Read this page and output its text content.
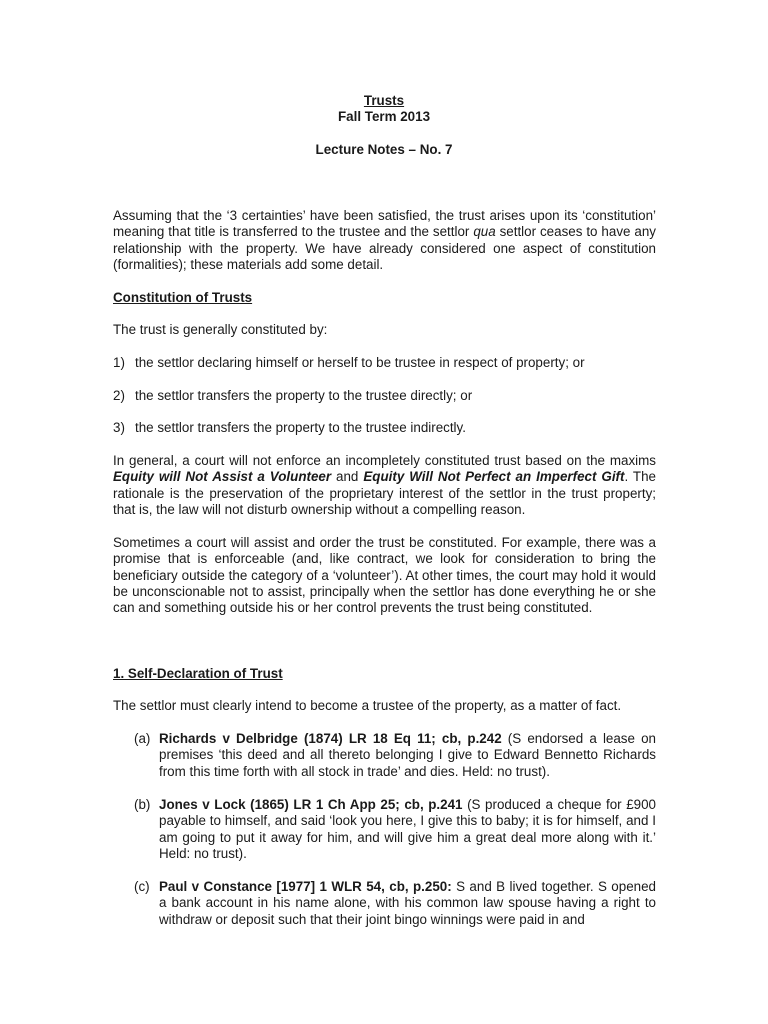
Trusts

Fall Term 2013

Lecture Notes – No. 7

Assuming that the ‘3 certainties’ have been satisfied, the trust arises upon its ‘constitution’ meaning that title is transferred to the trustee and the settlor qua settlor ceases to have any relationship with the property. We have already considered one aspect of constitution (formalities); these materials add some detail.

Constitution of Trusts

The trust is generally constituted by:

1) the settlor declaring himself or herself to be trustee in respect of property; or
2) the settlor transfers the property to the trustee directly; or
3) the settlor transfers the property to the trustee indirectly.

In general, a court will not enforce an incompletely constituted trust based on the maxims Equity will Not Assist a Volunteer and Equity Will Not Perfect an Imperfect Gift. The rationale is the preservation of the proprietary interest of the settlor in the trust property; that is, the law will not disturb ownership without a compelling reason.

Sometimes a court will assist and order the trust be constituted. For example, there was a promise that is enforceable (and, like contract, we look for consideration to bring the beneficiary outside the category of a ‘volunteer’). At other times, the court may hold it would be unconscionable not to assist, principally when the settlor has done everything he or she can and something outside his or her control prevents the trust being constituted.

1. Self-Declaration of Trust

The settlor must clearly intend to become a trustee of the property, as a matter of fact.

(a) Richards v Delbridge (1874) LR 18 Eq 11; cb, p.242 (S endorsed a lease on premises ‘this deed and all thereto belonging I give to Edward Bennetto Richards from this time forth with all stock in trade’ and dies. Held: no trust).

(b) Jones v Lock (1865) LR 1 Ch App 25; cb, p.241 (S produced a cheque for £900 payable to himself, and said ‘look you here, I give this to baby; it is for himself, and I am going to put it away for him, and will give him a great deal more along with it.’ Held: no trust).

(c) Paul v Constance [1977] 1 WLR 54, cb, p.250: S and B lived together. S opened a bank account in his name alone, with his common law spouse having a right to withdraw or deposit such that their joint bingo winnings were paid in and
